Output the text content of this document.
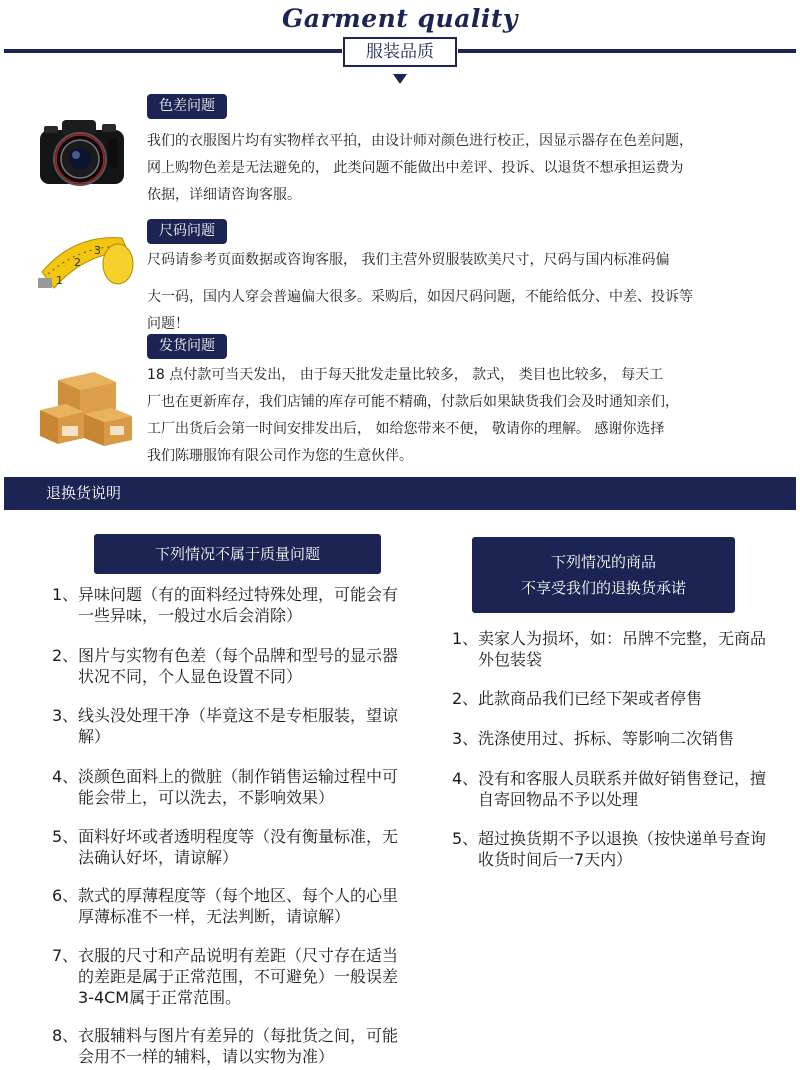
Garment quality
服装品质
色差问题
我们的衣服图片均有实物样衣平拍，由设计师对颜色进行校正，因显示器存在色差问题，
网上购物色差是无法避免的， 此类问题不能做出中差评、投诉、以退货不想承担运费为
依据，详细请咨询客服。
2
3
1
尺码问题
尺码请参考页面数据或咨询客服， 我们主营外贸服装欧美尺寸，尺码与国内标准码偏
大一码，国内人穿会普遍偏大很多。采购后，如因尺码问题，不能给低分、中差、投诉等
问题！
发货问题
18 点付款可当天发出， 由于每天批发走量比较多， 款式， 类目也比较多， 每天工
厂也在更新库存，我们店铺的库存可能不精确，付款后如果缺货我们会及时通知亲们，
工厂出货后会第一时间安排发出后， 如给您带来不便， 敬请你的理解。 感谢你选择
我们陈珊服饰有限公司作为您的生意伙伴。
退换货说明
下列情况不属于质量问题	下列情况的商品
不享受我们的退换货承诺
1、 异味问题（有的面料经过特殊处理，可能会有
一些异味，一般过水后会消除）
2、 图片与实物有色差（每个品牌和型号的显示器
状况不同，个人显色设置不同）
3、 线头没处理干净（毕竟这不是专柜服装，望谅
解）
4、 淡颜色面料上的微脏（制作销售运输过程中可
能会带上，可以洗去，不影响效果）
5、 面料好坏或者透明程度等（没有衡量标准，无
法确认好坏，请谅解）
6、 款式的厚薄程度等（每个地区、每个人的心里
厚薄标准不一样，无法判断，请谅解）
7、 衣服的尺寸和产品说明有差距（尺寸存在适当
的差距是属于正常范围，不可避免）一般误差
3-4CM属于正常范围。
8、 衣服辅料与图片有差异的（每批货之间，可能
会用不一样的辅料，请以实物为准）
1、 卖家人为损坏，如：吊牌不完整，无商品
外包装袋
2、 此款商品我们已经下架或者停售
3、 洗涤使用过、拆标、等影响二次销售
4、 没有和客服人员联系并做好销售登记，擅
自寄回物品不予以处理
5、 超过换货期不予以退换（按快递单号查询
收货时间后一7天内）
